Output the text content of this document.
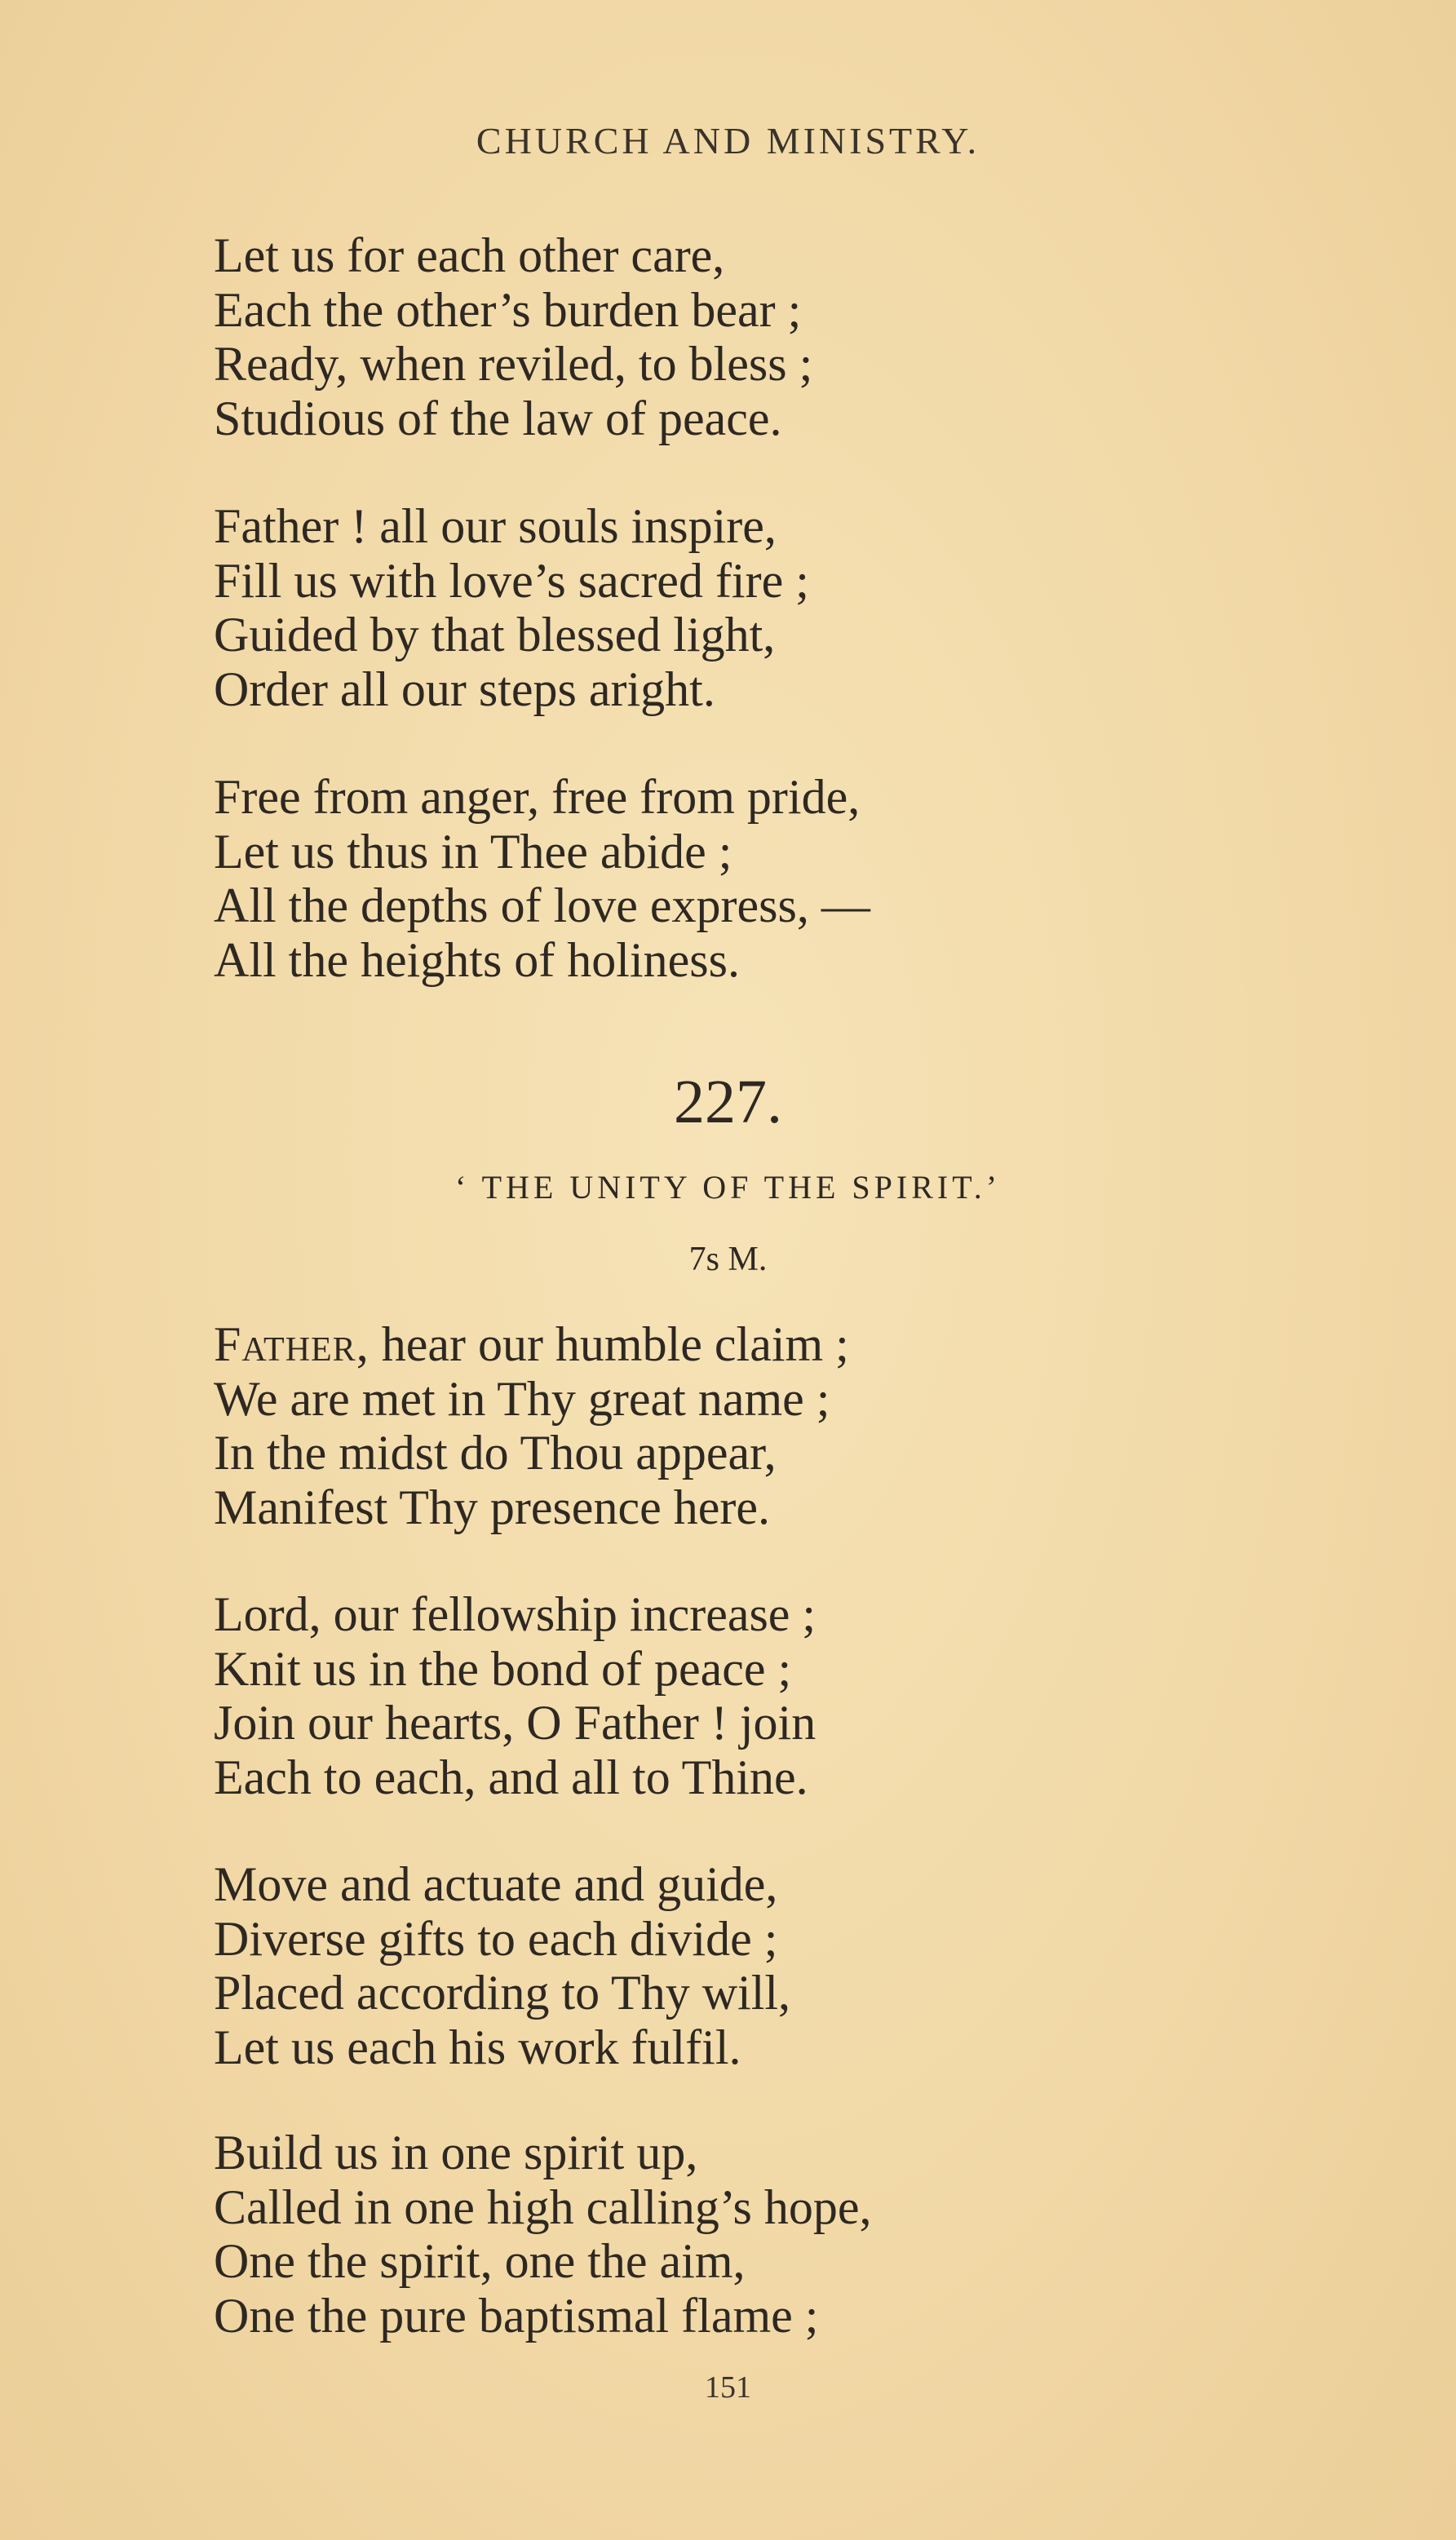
CHURCH AND MINISTRY.
Let us for each other care,
Each the other’s burden bear ;
Ready, when reviled, to bless ;
Studious of the law of peace.
Father ! all our souls inspire,
Fill us with love’s sacred fire ;
Guided by that blessed light,
Order all our steps aright.
Free from anger, free from pride,
Let us thus in Thee abide ;
All the depths of love express, —
All the heights of holiness.
227.
‘ THE UNITY OF THE SPIRIT.’
7s M.
Father, hear our humble claim ;
We are met in Thy great name ;
In the midst do Thou appear,
Manifest Thy presence here.
Lord, our fellowship increase ;
Knit us in the bond of peace ;
Join our hearts, O Father ! join
Each to each, and all to Thine.
Move and actuate and guide,
Diverse gifts to each divide ;
Placed according to Thy will,
Let us each his work fulfil.
Build us in one spirit up,
Called in one high calling’s hope,
One the spirit, one the aim,
One the pure baptismal flame ;
151
